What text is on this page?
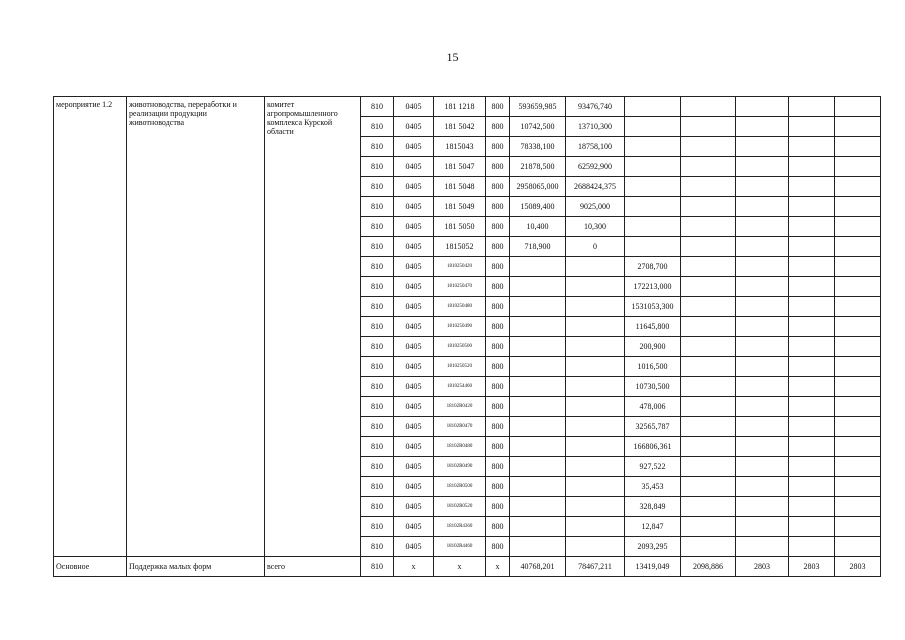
15
мероприятие 1.2	животноводства, переработки и реализации продукции животноводства	комитет агропромышленного комплекса Курской области	810	0405	181 1218	800	593659,985	93476,740					
			810	0405	181 5042	800	10742,500	13710,300					
			810	0405	1815043	800	78338,100	18758,100					
			810	0405	181 5047	800	21878,500	62592,900					
			810	0405	181 5048	800	2958065,000	2688424,375					
			810	0405	181 5049	800	15089,400	9025,000					
			810	0405	181 5050	800	10,400	10,300					
			810	0405	1815052	800	718,900	0					
			810	0405	1810250420	800			2708,700				
			810	0405	1810250470	800			172213,000				
			810	0405	1810250480	800			1531053,300				
			810	0405	1810250490	800			11645,800				
			810	0405	1810250500	800			200,900				
			810	0405	1810250520	800			1016,500				
			810	0405	1810254460	800			10730,500				
			810	0405	18102R0420	800			478,006				
			810	0405	18102R0470	800			32565,787				
			810	0405	18102R0480	800			166806,361				
			810	0405	18102R0490	800			927,522				
			810	0405	18102R0500	800			35,453				
			810	0405	18102R0520	800			328,849				
			810	0405	18102R4360	800			12,847				
			810	0405	18102R4460	800			2093,295				
Основное	Поддержка малых форм	всего	810	х	х	х	40768,201	78467,211	13419,049	2098,886	2803	2803	2803
